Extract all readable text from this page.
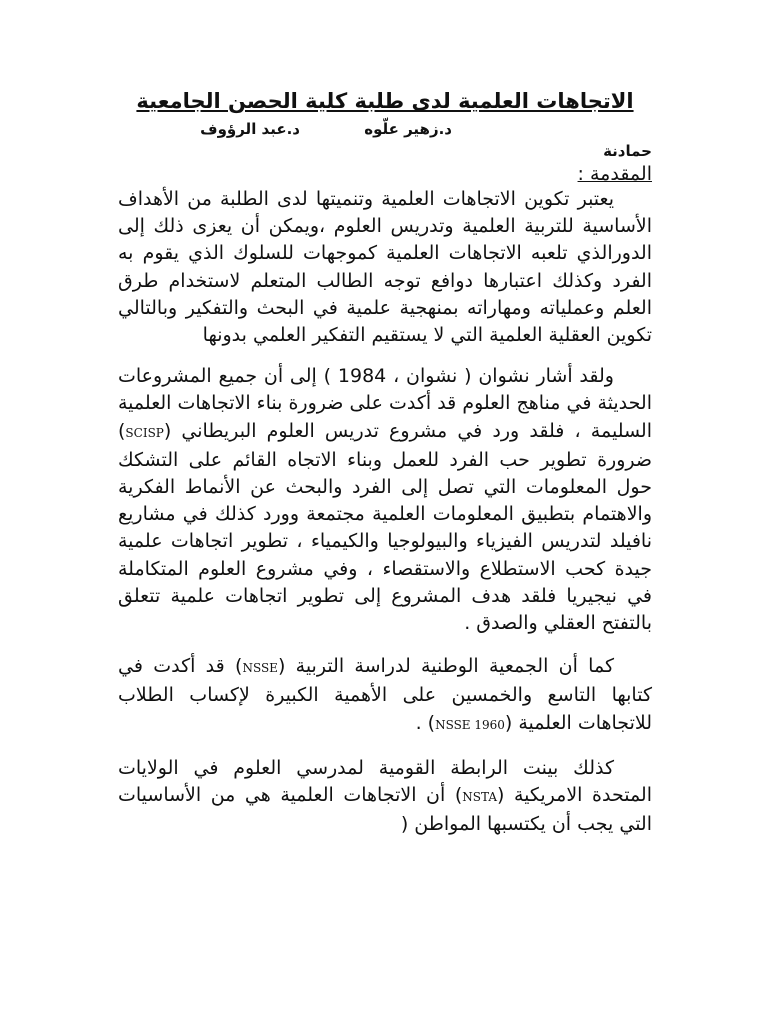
الاتجاهات العلمية لدى طلبة كلية الحصن الجامعية
د.زهير علّوه
د.عبد الرؤوف
حمادنة

المقدمة :

يعتبر تكوين الاتجاهات العلمية وتنميتها لدى الطلبة من الأهداف الأساسية للتربية العلمية وتدريس العلوم ،ويمكن أن يعزى ذلك إلى الدورالذي تلعبه الاتجاهات العلمية كموجهات للسلوك الذي يقوم به الفرد وكذلك اعتبارها دوافع توجه الطالب المتعلم لاستخدام طرق العلم وعملياته ومهاراته بمنهجية علمية في البحث والتفكير وبالتالي تكوين العقلية العلمية التي لا يستقيم التفكير العلمي بدونها

ولقد أشار نشوان ( نشوان ، 1984 ) إلى أن جميع المشروعات الحديثة في مناهج العلوم قد أكدت على ضرورة بناء الاتجاهات العلمية السليمة ، فلقد ورد في مشروع تدريس العلوم البريطاني (SCISP) ضرورة تطوير حب الفرد للعمل وبناء الاتجاه القائم على التشكك حول المعلومات التي تصل إلى الفرد والبحث عن الأنماط الفكرية والاهتمام بتطبيق المعلومات العلمية مجتمعة وورد كذلك في مشاريع نافيلد لتدريس الفيزياء والبيولوجيا والكيمياء ، تطوير اتجاهات علمية جيدة كحب الاستطلاع والاستقصاء ، وفي مشروع العلوم المتكاملة في نيجيريا فلقد هدف المشروع إلى تطوير اتجاهات علمية تتعلق بالتفتح العقلي والصدق .

كما أن الجمعية الوطنية لدراسة التربية (NSSE) قد أكدت في كتابها التاسع والخمسين على الأهمية الكبيرة لإكساب الطلاب للاتجاهات العلمية (NSSE 1960) .

كذلك بينت الرابطة القومية لمدرسي العلوم في الولايات المتحدة الامريكية (NSTA) أن الاتجاهات العلمية هي من الأساسيات التي يجب أن يكتسبها المواطن (
